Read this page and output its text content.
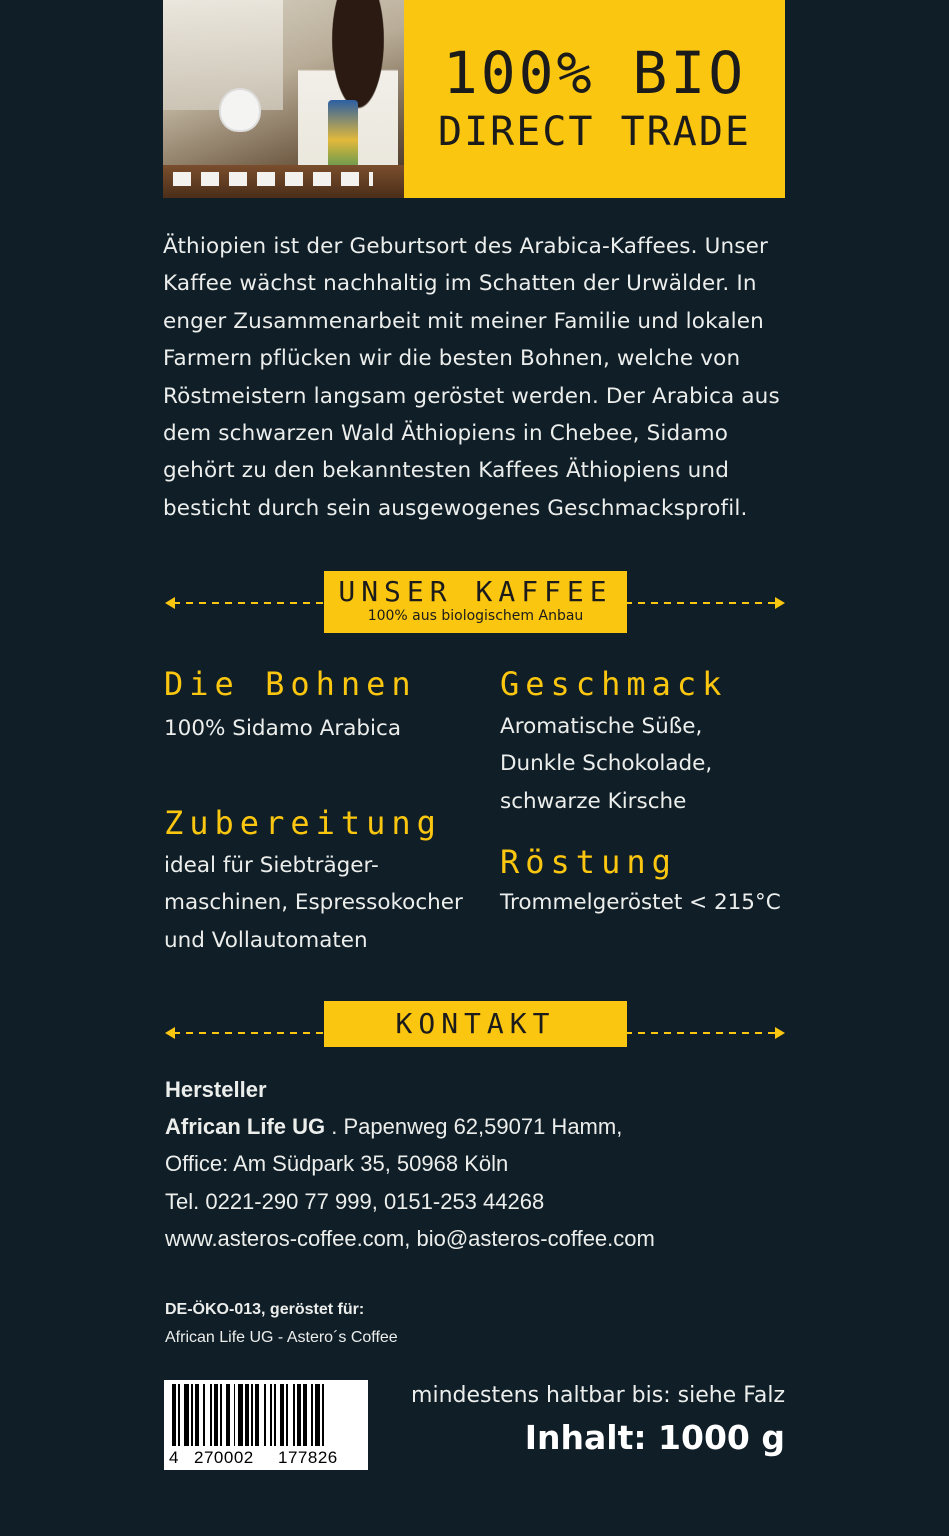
100% BIO
DIRECT TRADE

Äthiopien ist der Geburtsort des Arabica-Kaffees. Unser Kaffee wächst nachhaltig im Schatten der Urwälder. In enger Zusammenarbeit mit meiner Familie und lokalen Farmern pflücken wir die besten Bohnen, welche von Röstmeistern langsam geröstet werden. Der Arabica aus dem schwarzen Wald Äthiopiens in Chebee, Sidamo gehört zu den bekanntesten Kaffees Äthiopiens und besticht durch sein ausgewogenes Geschmacksprofil.

UNSER KAFFEE
100% aus biologischem Anbau
Die Bohnen
100% Sidamo Arabica
Geschmack
Aromatische Süße,
Dunkle Schokolade,
schwarze Kirsche
Zubereitung
ideal für Siebträger-
maschinen, Espressokocher
und Vollautomaten
Röstung
Trommelgeröstet < 215°C
KONTAKT
Hersteller
African Life UG . Papenweg 62,59071 Hamm,
Office: Am Südpark 35, 50968 Köln
Tel. 0221-290 77 999, 0151-253 44268
www.asteros-coffee.com, bio@asteros-coffee.com
DE-ÖKO-013, geröstet für:
African Life UG - Astero´s Coffee
4 270002 177826
mindestens haltbar bis: siehe Falz
Inhalt: 1000 g
